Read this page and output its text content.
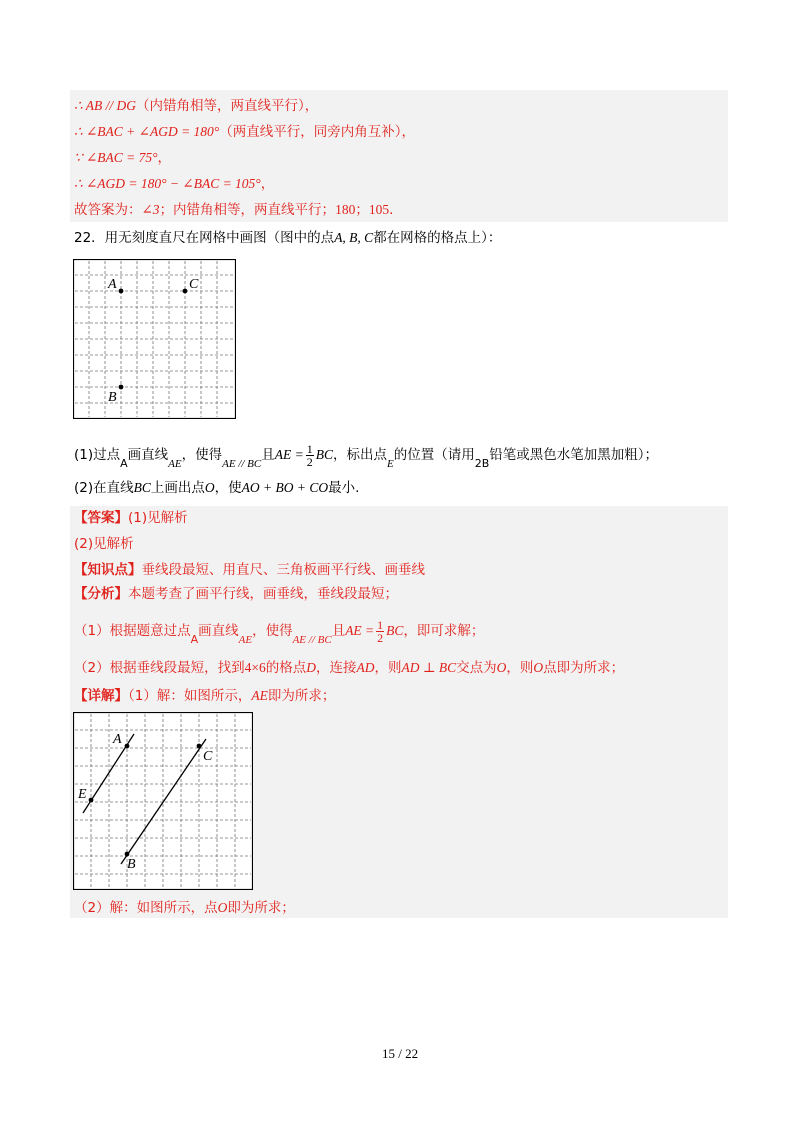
∴ AB // DG（内错角相等，两直线平行），
∴ ∠BAC + ∠AGD = 180°（两直线平行，同旁内角互补），
∵ ∠BAC = 75°，
∴ ∠AGD = 180° − ∠BAC = 105°，
故答案为：∠3；内错角相等，两直线平行；180；105.
22．用无刻度直尺在网格中画图（图中的点A, B, C都在网格的格点上）：
A	C
B
(1)过点$_A$画直线$_{AE}$，使得$_{AE // BC}$且AE = $\frac{1}{2}$ BC，标出点$_E$的位置（请用$_{2B}$铅笔或黑色水笔加黑加粗）；
(2)在直线BC上画出点O，使AO + BO + CO最小.
【答案】(1)见解析
(2)见解析
【知识点】垂线段最短、用直尺、三角板画平行线、画垂线
【分析】本题考查了画平行线，画垂线，垂线段最短；
（1）根据题意过点$_A$画直线$_{AE}$，使得$_{AE // BC}$且AE = $\frac{1}{2}$ BC，即可求解；
（2）根据垂线段最短，找到4×6的格点D，连接AD，则AD ⊥ BC交点为O，则O点即为所求；
【详解】（1）解：如图所示，AE即为所求；
A
C
E
B
（2）解：如图所示，点O即为所求；
15 / 22
